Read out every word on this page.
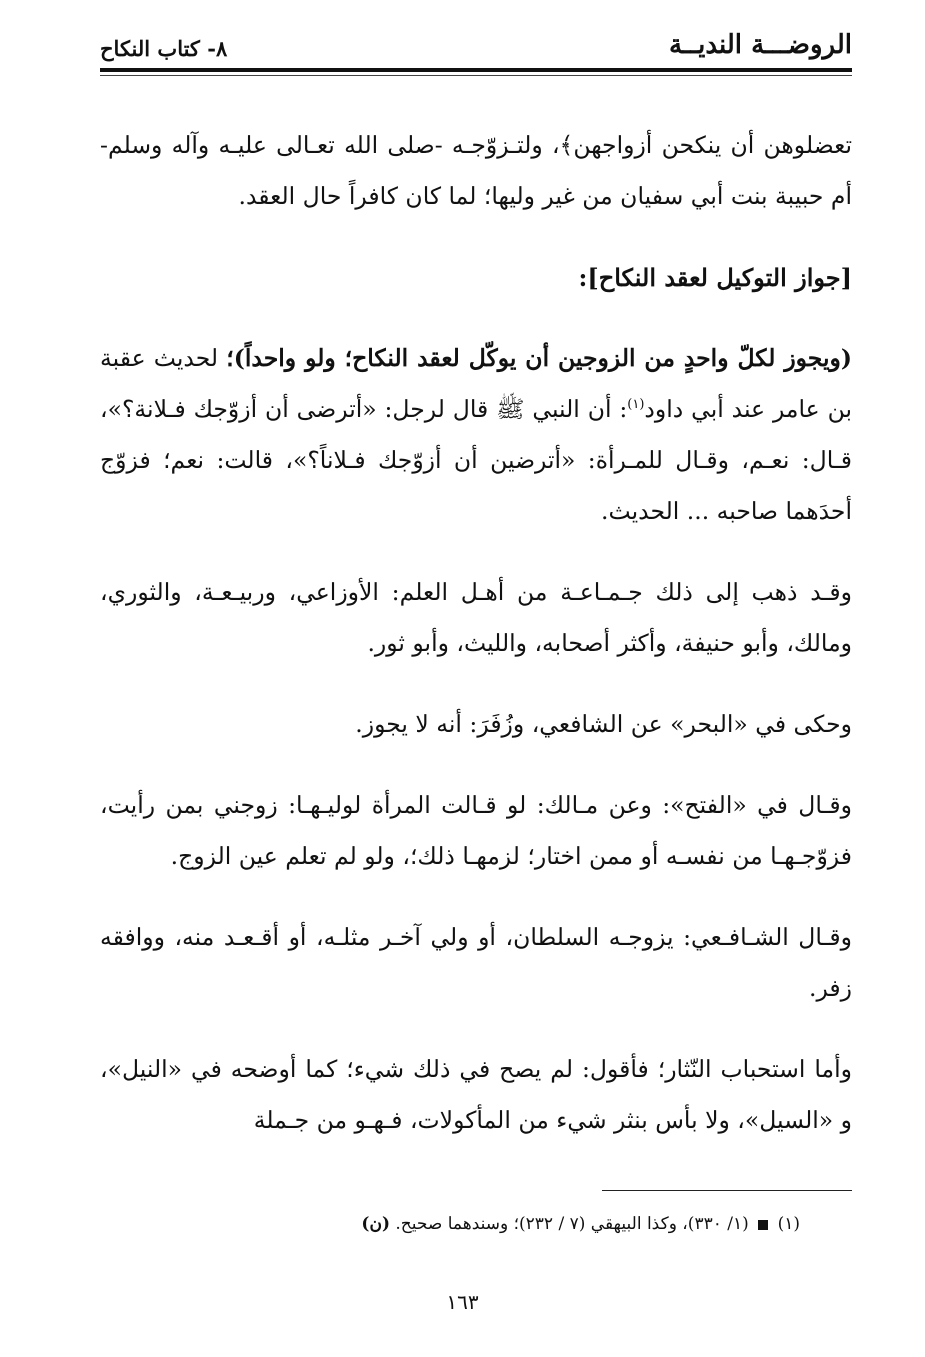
الروضـــة النديــة
٨- كتاب النكاح

تعضلوهن أن ينكحن أزواجهن﴾، ولتـزوّجـه -صلى الله تعـالى عليـه وآله وسلم- أم حبيبة بنت أبي سفيان من غير وليها؛ لما كان كافراً حال العقد.

[جواز التوكيل لعقد النكاح]:

(ويجوز لكلّ واحدٍ من الزوجين أن يوكّل لعقد النكاح؛ ولو واحداً)؛ لحديث عقبة بن عامر عند أبي داود$^{(١)}$: أن النبي ﷺ قال لرجل: «أترضى أن أزوّجك فـلانة؟»، قـال: نعـم، وقـال للمـرأة: «أترضين أن أزوّجك فـلاناً؟»، قالت: نعم؛ فزوّج أحدَهما صاحبه ... الحديث.

وقـد ذهب إلى ذلك جـمـاعـة من أهـل العلم: الأوزاعي، وربيـعـة، والثوري، ومالك، وأبو حنيفة، وأكثر أصحابه، والليث، وأبو ثور.

وحكى في «البحر» عن الشافعي، وزُفَرَ: أنه لا يجوز.

وقـال في «الفتح»: وعن مـالك: لو قـالت المرأة لوليـهـا: زوجني بمن رأيت، فزوّجـهـا من نفسـه أو ممن اختار؛ لزمهـا ذلك؛، ولو لم تعلم عين الزوج.

وقـال الشـافـعي: يزوجـه السلطان، أو ولي آخـر مثلـه، أو أقـعـد منه، ووافقه زفر.

وأما استحباب النّثار؛ فأقول: لم يصح في ذلك شيء؛ كما أوضحه في «النيل»، و «السيل»، ولا بأس بنثر شيء من المأكولات، فـهـو من جـملة

(١)  (١/ ٣٣٠)، وكذا البيهقي (٧ / ٢٣٢)؛ وسندهما صحيح. (ن)
١٦٣
